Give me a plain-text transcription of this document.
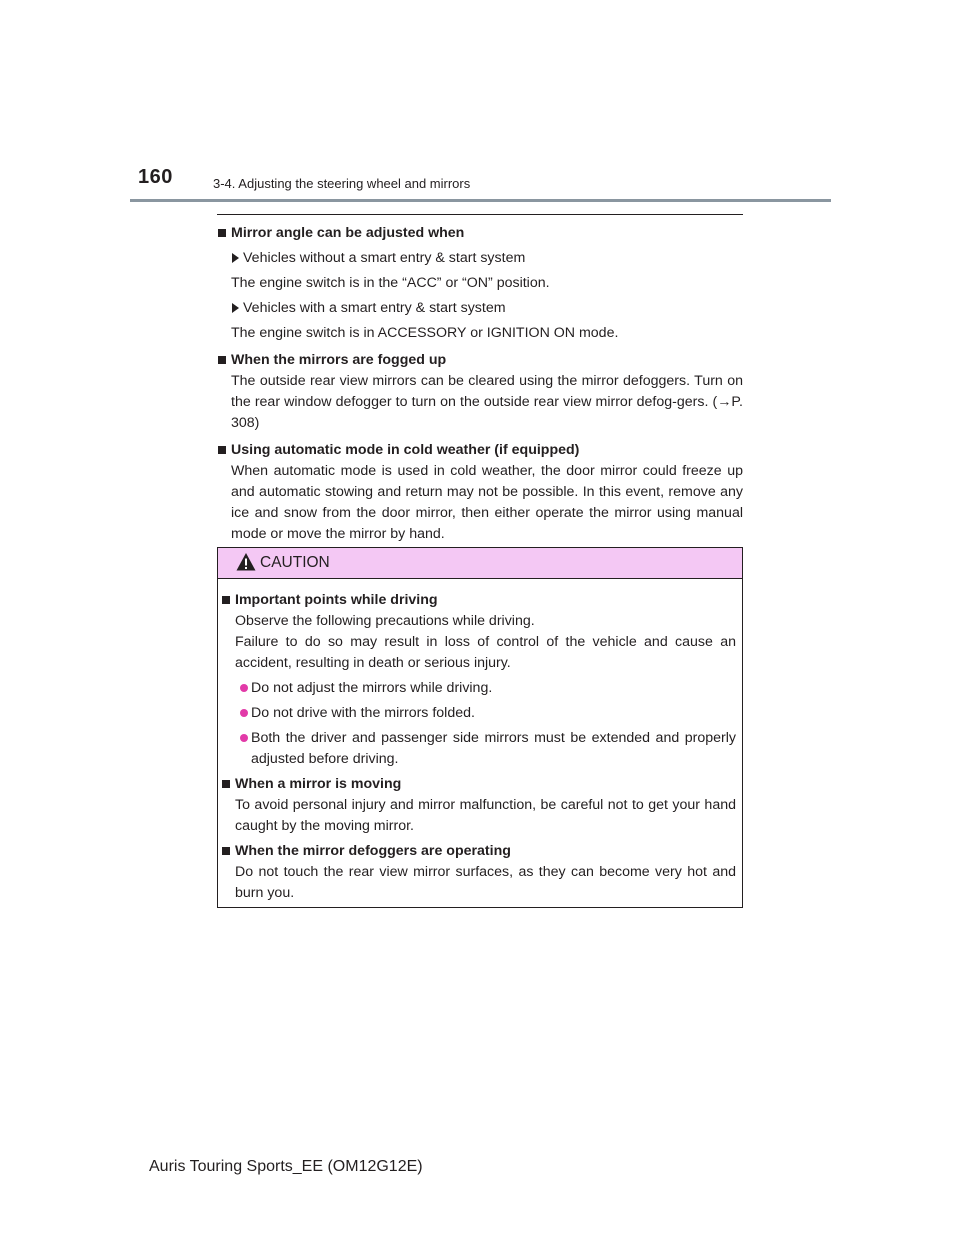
160	3-4. Adjusting the steering wheel and mirrors
Mirror angle can be adjusted when
Vehicles without a smart entry & start system
The engine switch is in the “ACC” or “ON” position.
Vehicles with a smart entry & start system
The engine switch is in ACCESSORY or IGNITION ON mode.
When the mirrors are fogged up
The outside rear view mirrors can be cleared using the mirror defoggers. Turn on the rear window defogger to turn on the outside rear view mirror defog-gers. (→P. 308)
Using automatic mode in cold weather (if equipped)
When automatic mode is used in cold weather, the door mirror could freeze up and automatic stowing and return may not be possible. In this event, remove any ice and snow from the door mirror, then either operate the mirror using manual mode or move the mirror by hand.
CAUTION
Important points while driving
Observe the following precautions while driving.
Failure to do so may result in loss of control of the vehicle and cause an accident, resulting in death or serious injury.
Do not adjust the mirrors while driving.
Do not drive with the mirrors folded.
Both the driver and passenger side mirrors must be extended and properly adjusted before driving.
When a mirror is moving
To avoid personal injury and mirror malfunction, be careful not to get your hand caught by the moving mirror.
When the mirror defoggers are operating
Do not touch the rear view mirror surfaces, as they can become very hot and burn you.
Auris Touring Sports_EE (OM12G12E)
